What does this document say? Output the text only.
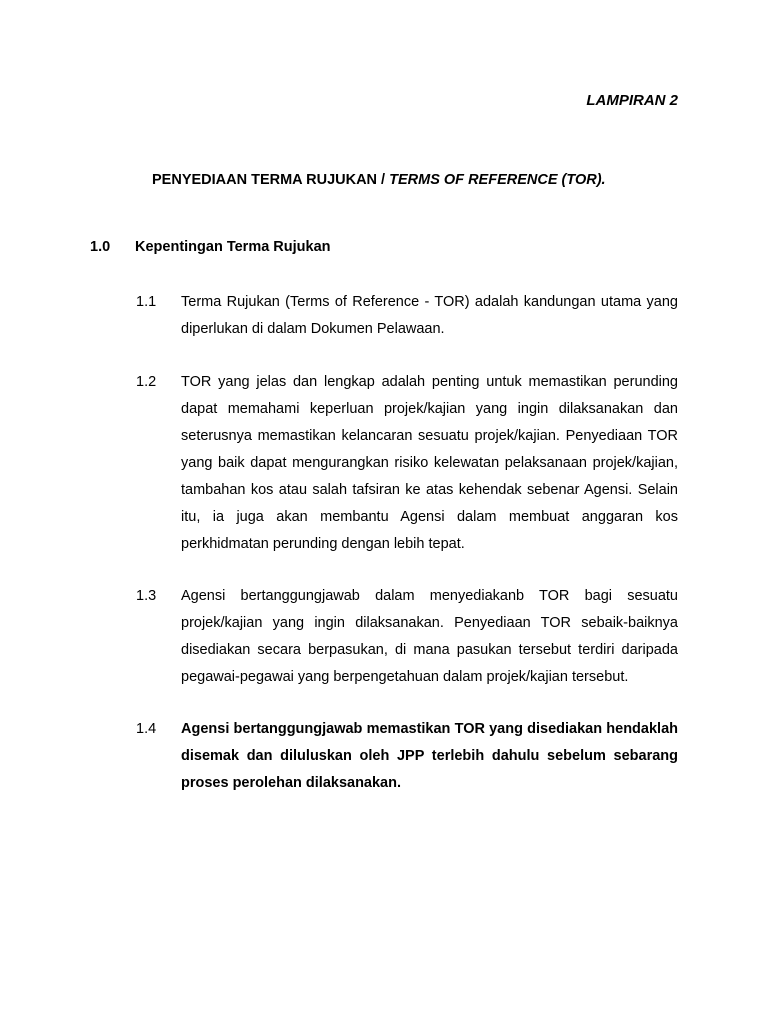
LAMPIRAN 2
PENYEDIAAN TERMA RUJUKAN / TERMS OF REFERENCE (TOR).
1.0 Kepentingan Terma Rujukan
1.1 Terma Rujukan (Terms of Reference - TOR) adalah kandungan utama yang diperlukan di dalam Dokumen Pelawaan.
1.2 TOR yang jelas dan lengkap adalah penting untuk memastikan perunding dapat memahami keperluan projek/kajian yang ingin dilaksanakan dan seterusnya memastikan kelancaran sesuatu projek/kajian. Penyediaan TOR yang baik dapat mengurangkan risiko kelewatan pelaksanaan projek/kajian, tambahan kos atau salah tafsiran ke atas kehendak sebenar Agensi. Selain itu, ia juga akan membantu Agensi dalam membuat anggaran kos perkhidmatan perunding dengan lebih tepat.
1.3 Agensi bertanggungjawab dalam menyediakanb TOR bagi sesuatu projek/kajian yang ingin dilaksanakan. Penyediaan TOR sebaik-baiknya disediakan secara berpasukan, di mana pasukan tersebut terdiri daripada pegawai-pegawai yang berpengetahuan dalam projek/kajian tersebut.
1.4 Agensi bertanggungjawab memastikan TOR yang disediakan hendaklah disemak dan diluluskan oleh JPP terlebih dahulu sebelum sebarang proses perolehan dilaksanakan.
